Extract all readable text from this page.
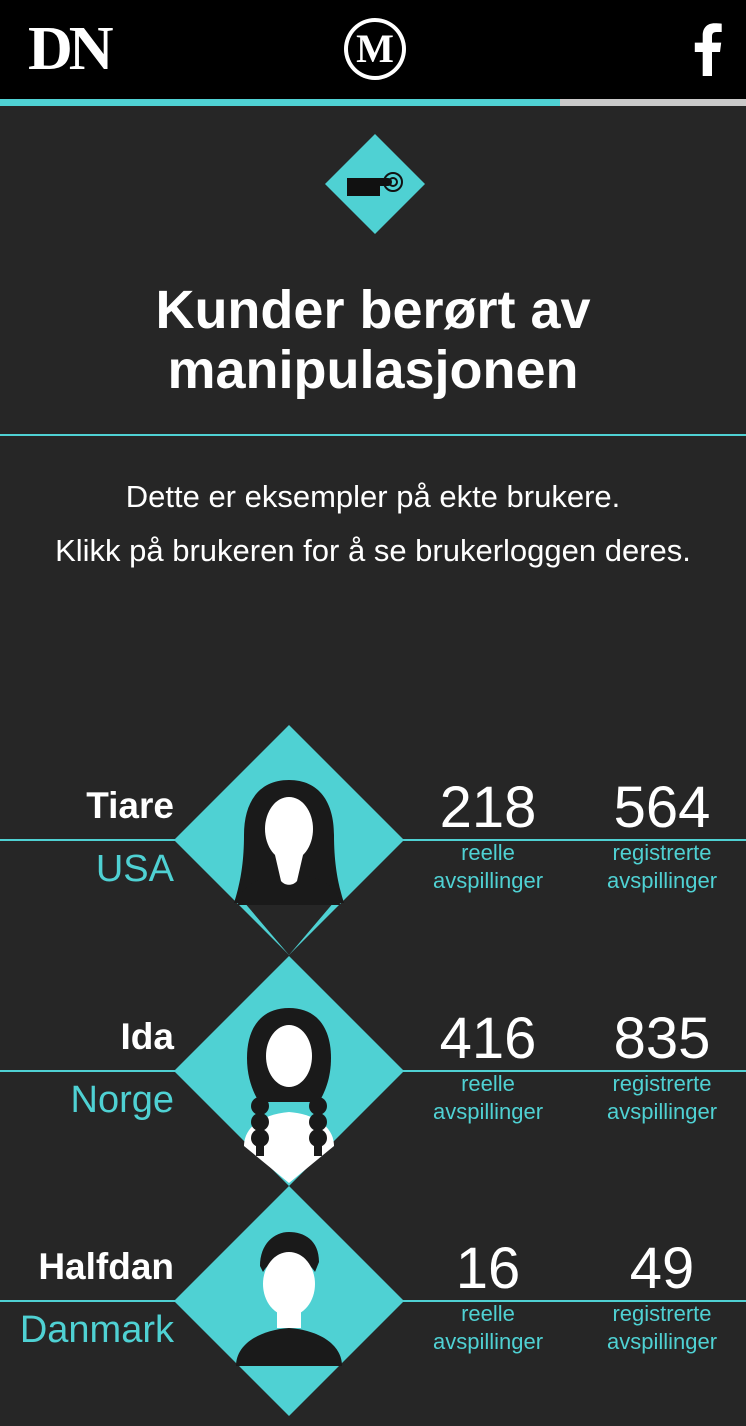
DN	M
Kunder berørt av
manipulasjonen
Dette er eksempler på ekte brukere.
Klikk på brukeren for å se brukerloggen deres.
Tiare
USA
218
reelle
avspillinger
564
registrerte
avspillinger
Ida
Norge
416
reelle
avspillinger
835
registrerte
avspillinger
Halfdan
Danmark
16
reelle
avspillinger
49
registrerte
avspillinger
